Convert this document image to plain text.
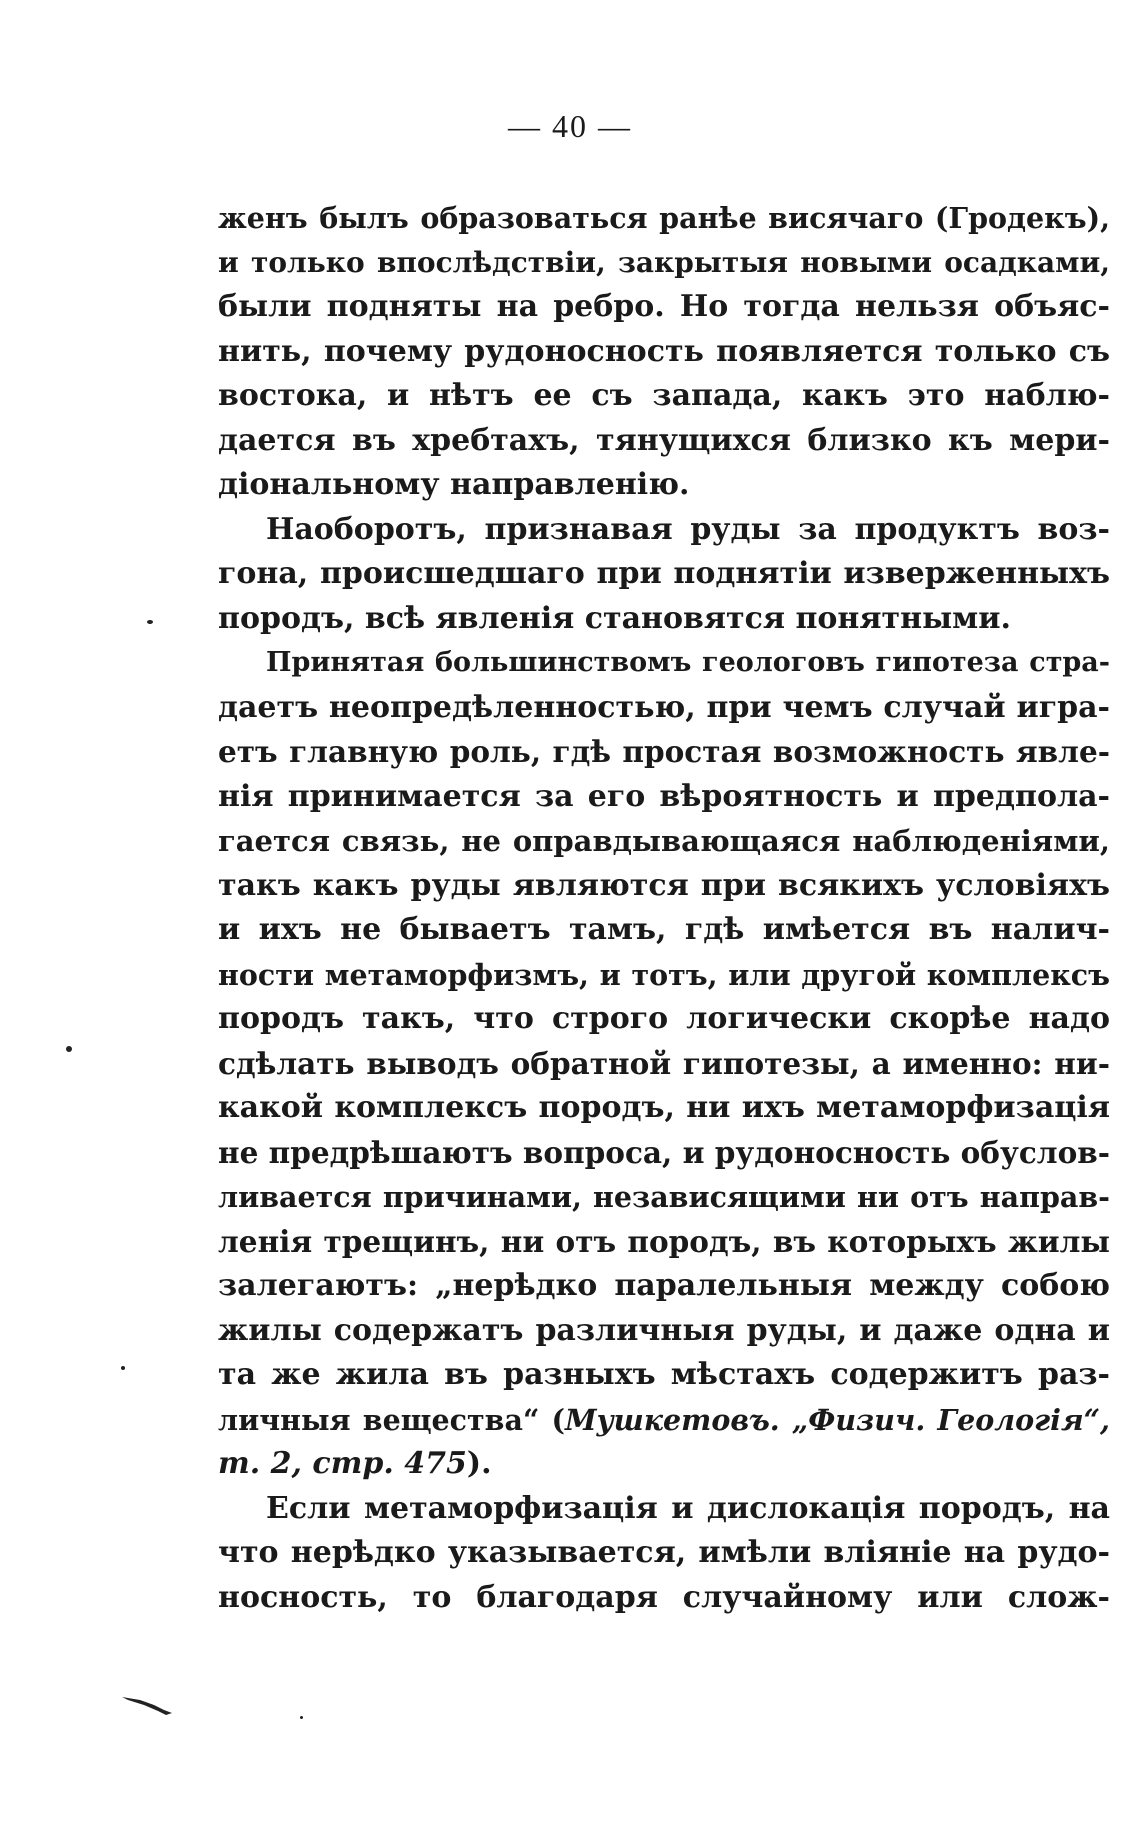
— 40 —
женъ былъ образоваться ранѣе висячаго (Гродекъ),
и только впослѣдствіи, закрытыя новыми осадками,
были подняты на ребро. Но тогда нельзя объяс-
нить, почему рудоносность появляется только съ
востока, и нѣтъ ее съ запада, какъ это наблю-
дается въ хребтахъ, тянущихся близко къ мери-
діональному направленію.
Наоборотъ, признавая руды за продуктъ воз-
гона, происшедшаго при поднятіи изверженныхъ
породъ, всѣ явленія становятся понятными.
Принятая большинствомъ геологовъ гипотеза стра-
даетъ неопредѣленностью, при чемъ случай игра-
етъ главную роль, гдѣ простая возможность явле-
нія принимается за его вѣроятность и предпола-
гается связь, не оправдывающаяся наблюденіями,
такъ какъ руды являются при всякихъ условіяхъ
и ихъ не бываетъ тамъ, гдѣ имѣется въ налич-
ности метаморфизмъ, и тотъ, или другой комплексъ
породъ такъ, что строго логически скорѣе надо
сдѣлать выводъ обратной гипотезы, а именно: ни-
какой комплексъ породъ, ни ихъ метаморфизація
не предрѣшаютъ вопроса, и рудоносность обуслов-
ливается причинами, независящими ни отъ направ-
ленія трещинъ, ни отъ породъ, въ которыхъ жилы
залегаютъ: „нерѣдко паралельныя между собою
жилы содержатъ различныя руды, и даже одна и
та же жила въ разныхъ мѣстахъ содержитъ раз-
личныя вещества“ (Мушкетовъ. „Физич. Геологія“,
т. 2, стр. 475).
Если метаморфизація и дислокація породъ, на
что нерѣдко указывается, имѣли вліяніе на рудо-
носность, то благодаря случайному или слож-
